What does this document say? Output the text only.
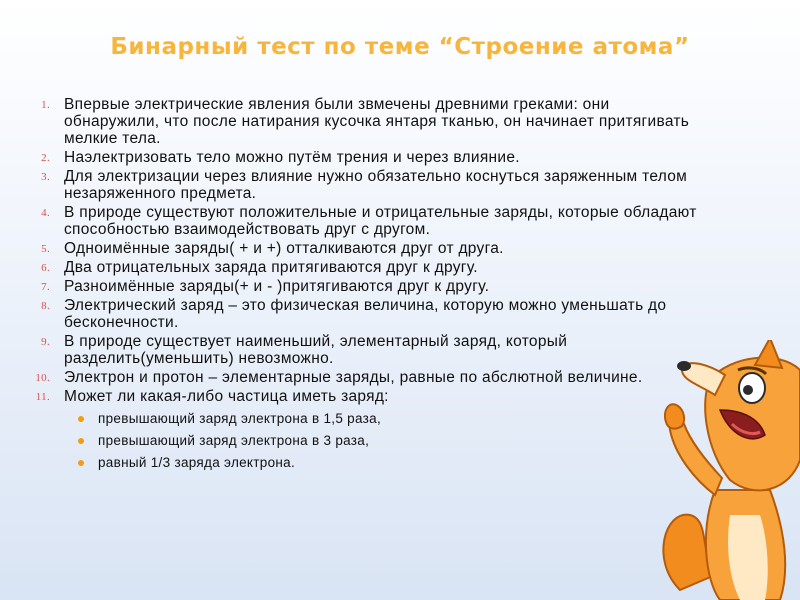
Бинарный тест по теме “Строение атома”
1. Впервые электрические явления были звмечены древними греками: они обнаружили, что после натирания кусочка янтаря тканью, он начинает притягивать мелкие тела.
2. Наэлектризовать тело можно путём трения и через влияние.
3. Для электризации через влияние нужно обязательно коснуться заряженным телом незаряженного предмета.
4. В природе существуют положительные и отрицательные заряды, которые обладают способностью взаимодействовать друг с другом.
5. Одноимённые заряды( + и +) отталкиваются друг от друга.
6. Два отрицательных заряда притягиваются друг к другу.
7. Разноимённые заряды(+ и - )притягиваются друг к другу.
8. Электрический заряд – это физическая величина, которую можно уменьшать до бесконечности.
9. В природе существует наименьший, элементарный заряд, который разделить(уменьшить) невозможно.
10. Электрон и протон – элементарные заряды, равные по абслютной величине.
11. Может ли какая-либо частица иметь заряд:
превышающий заряд электрона в 1,5 раза,
превышающий заряд электрона в 3 раза,
равный 1/3 заряда электрона.
